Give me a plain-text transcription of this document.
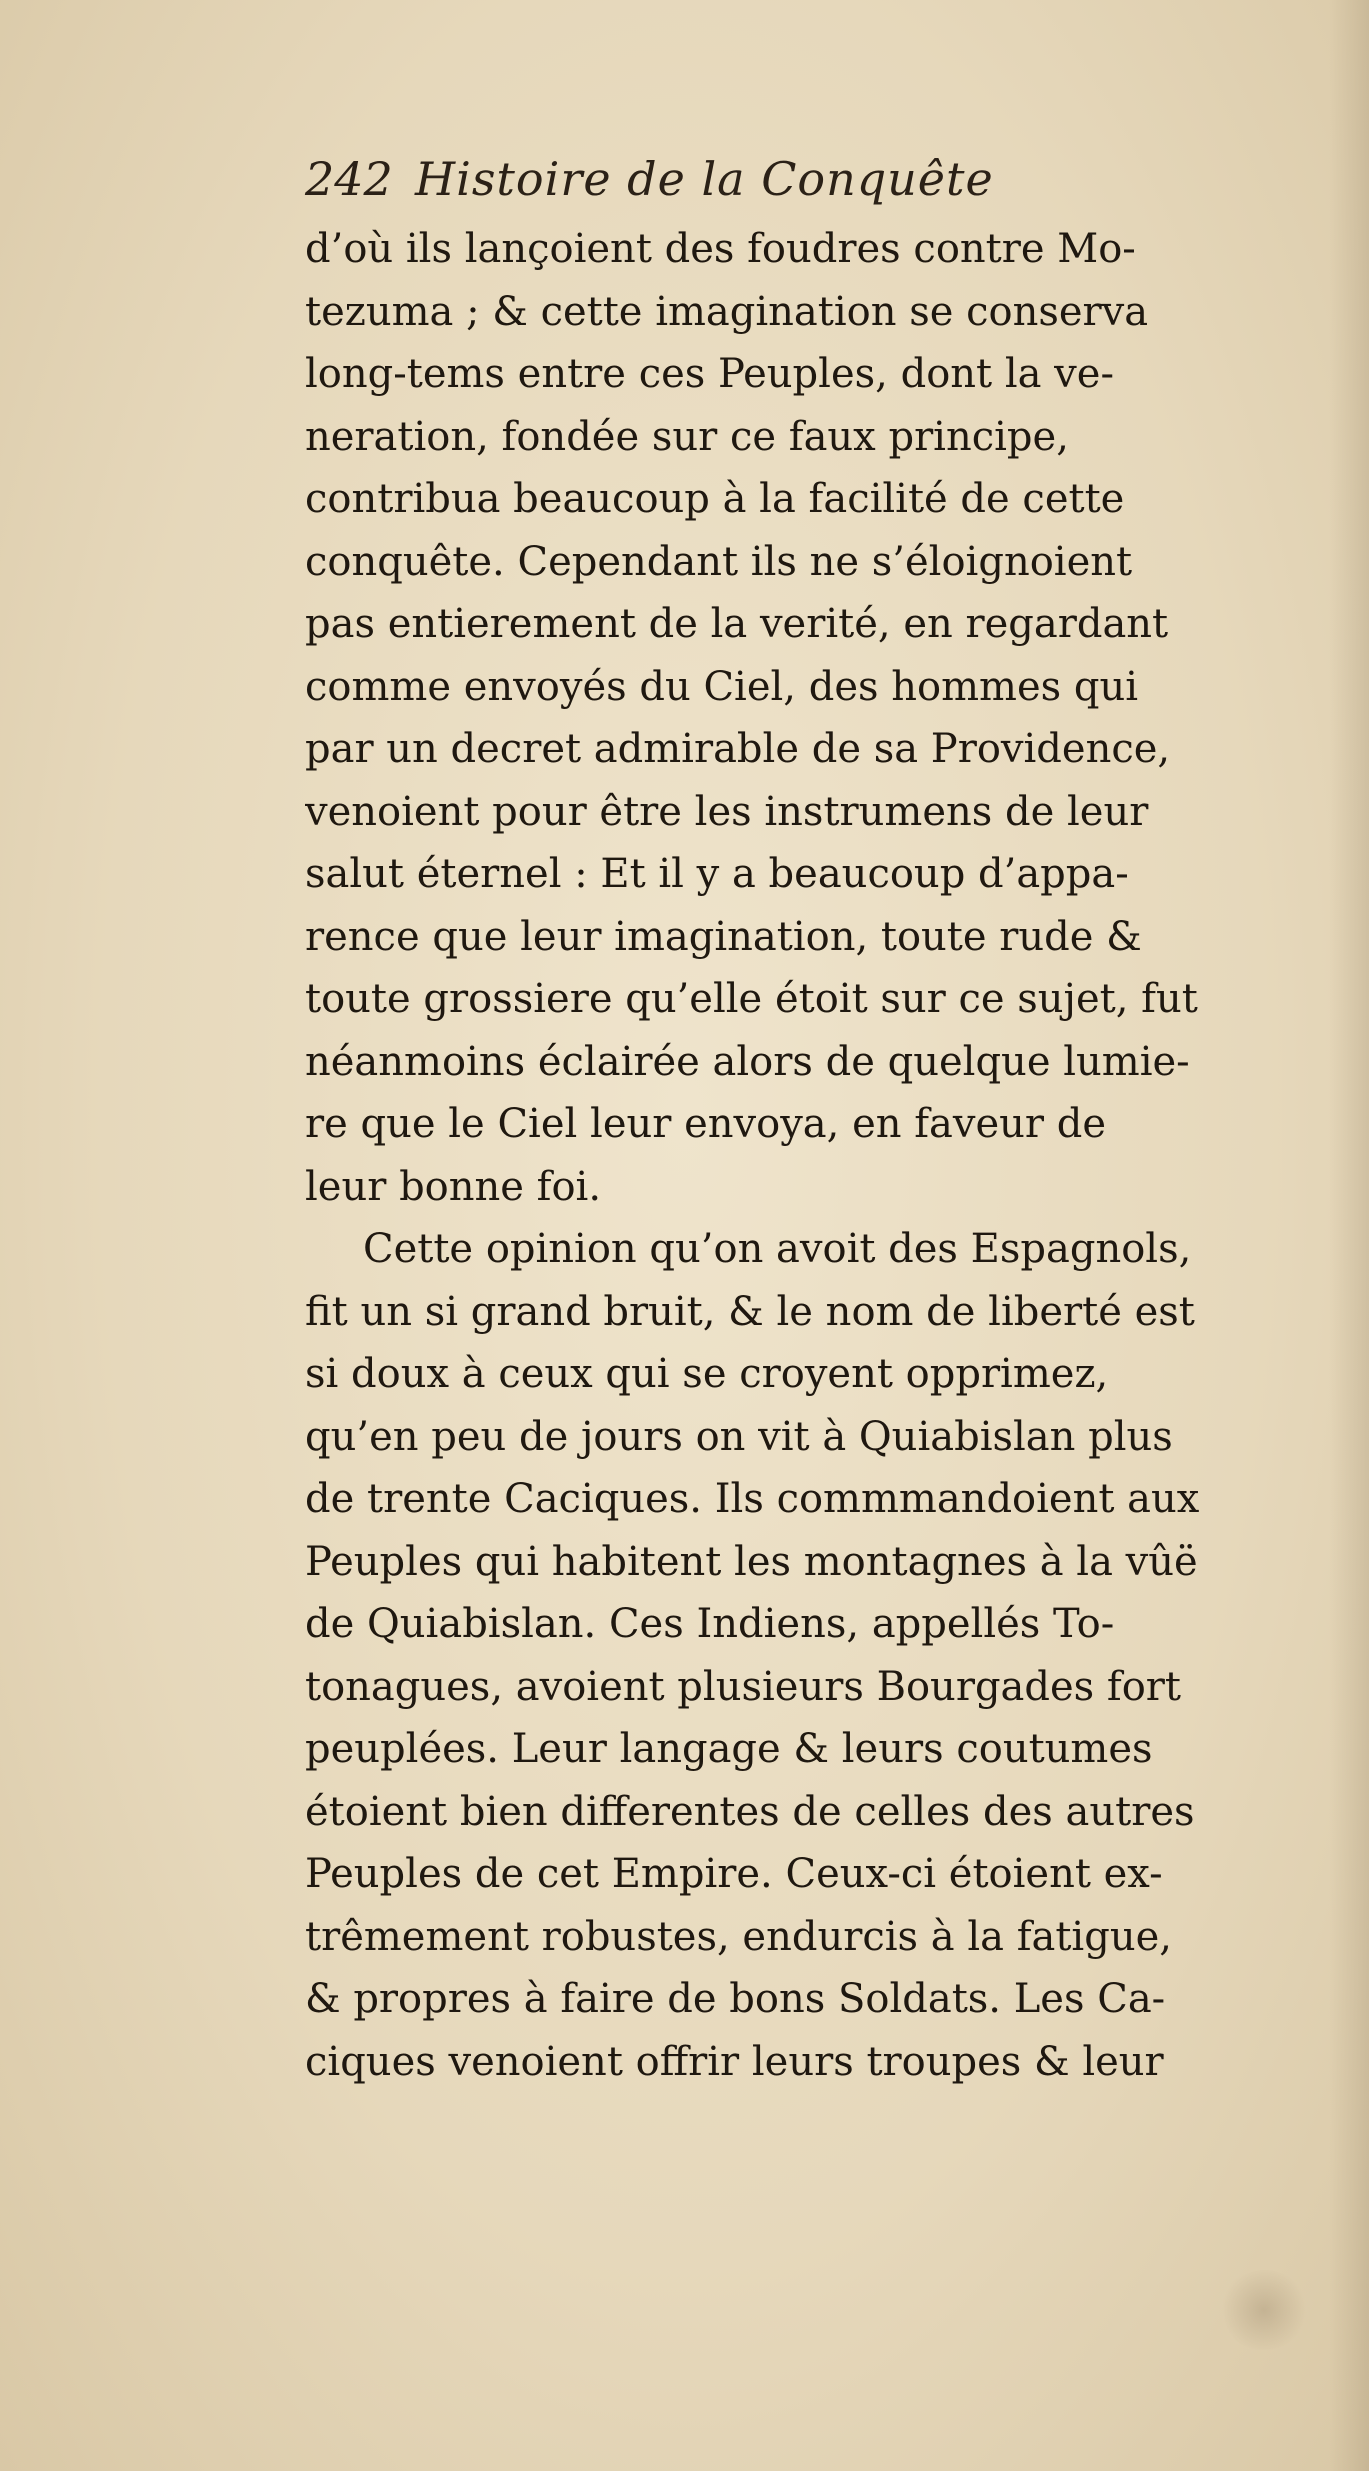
242 Histoire de la Conquête
d’où ils lançoient des foudres contre Mo-
tezuma ; & cette imagination se conserva
long-tems entre ces Peuples, dont la ve-
neration, fondée sur ce faux principe,
contribua beaucoup à la facilité de cette
conquête. Cependant ils ne s’éloignoient
pas entierement de la verité, en regardant
comme envoyés du Ciel, des hommes qui
par un decret admirable de sa Providence,
venoient pour être les instrumens de leur
salut éternel : Et il y a beaucoup d’appa-
rence que leur imagination, toute rude &
toute grossiere qu’elle étoit sur ce sujet, fut
néanmoins éclairée alors de quelque lumie-
re que le Ciel leur envoya, en faveur de
leur bonne foi.
Cette opinion qu’on avoit des Espagnols,
fit un si grand bruit, & le nom de liberté est
si doux à ceux qui se croyent opprimez,
qu’en peu de jours on vit à Quiabislan plus
de trente Caciques. Ils commmandoient aux
Peuples qui habitent les montagnes à la vûë
de Quiabislan. Ces Indiens, appellés To-
tonagues, avoient plusieurs Bourgades fort
peuplées. Leur langage & leurs coutumes
étoient bien differentes de celles des autres
Peuples de cet Empire. Ceux-ci étoient ex-
trêmement robustes, endurcis à la fatigue,
& propres à faire de bons Soldats. Les Ca-
ciques venoient offrir leurs troupes & leur
